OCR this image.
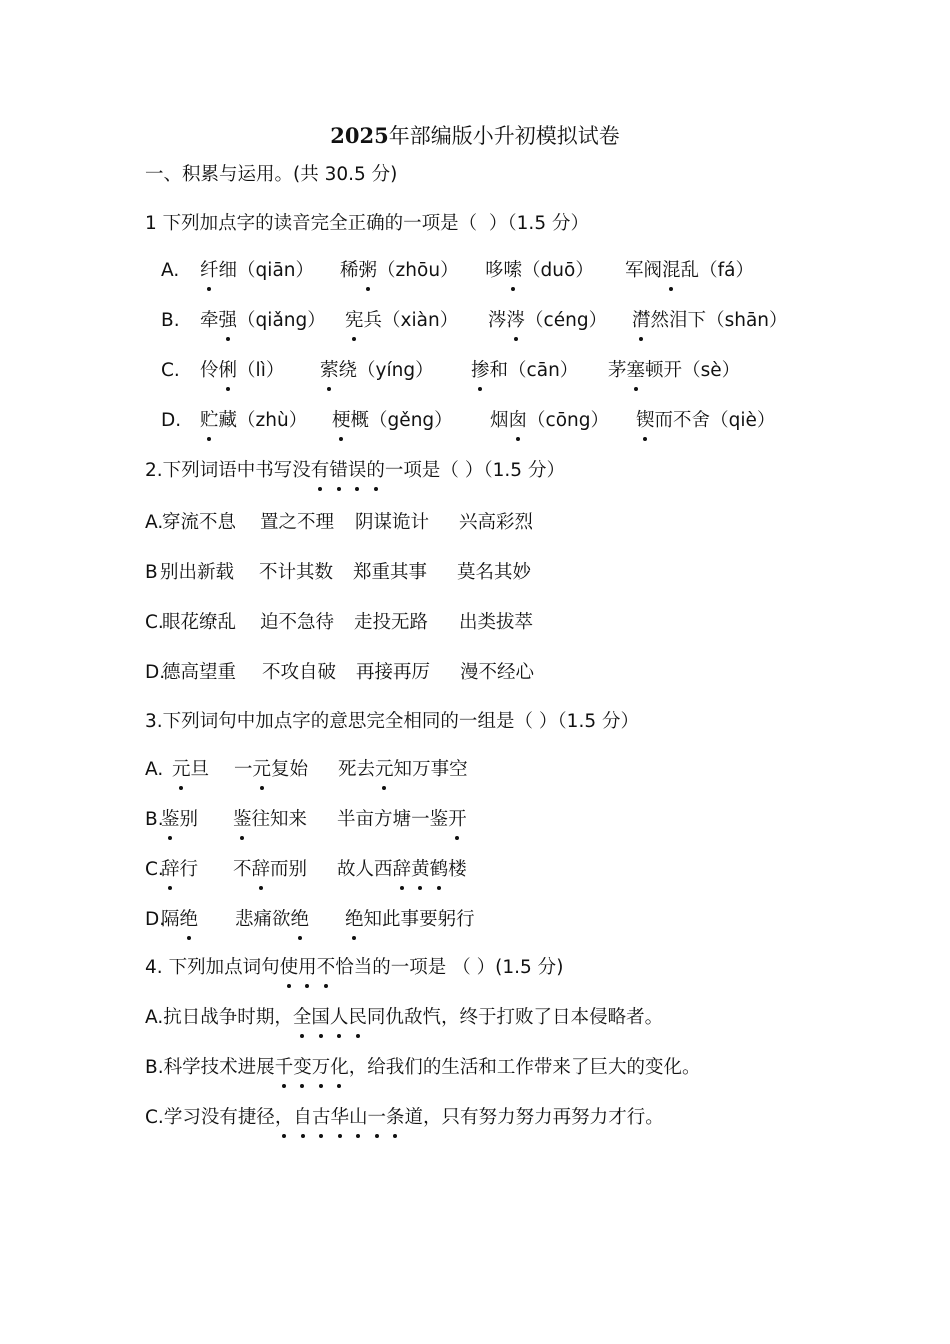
2025年部编版小升初模拟试卷
一、积累与运用。(共 30.5 分)
1 下列加点字的读音完全正确的一项是（  ）（1.5 分）
A. 纤细（qiān） 稀粥（zhōu） 哆嗦（duō） 军阀混乱（fá）
B. 牵强（qiǎng） 宪兵（xiàn） 涔涔（céng） 潸然泪下（shān）
C. 伶俐（lì） 萦绕（yíng） 掺和（cān） 茅塞顿开（sè）
D. 贮藏（zhù） 梗概（gěng） 烟囱（cōng） 锲而不舍（qiè）
2.下列词语中书写没有错误的一项是（ ）（1.5 分）
A.
穿流不息 置之不理 阴谋诡计 兴高彩烈
B
别出新载 不计其数 郑重其事 莫名其妙
C.
眼花缭乱 迫不急待 走投无路 出类拔萃
D.
德高望重 不攻自破 再接再厉 漫不经心
3.下列词句中加点字的意思完全相同的一组是（ ）（1.5 分）
A. 元旦 一元复始 死去元知万事空
B.
鉴别 鉴往知来 半亩方塘一鉴开
C.
辞行 不辞而别 故人西辞黄鹤楼
D.
隔绝 悲痛欲绝 绝知此事要躬行
4. 下列加点词句使用不恰当的一项是 （ ）(1.5 分)
A.抗日战争时期，全国人民同仇敌忾，终于打败了日本侵略者。
B.科学技术进展千变万化，给我们的生活和工作带来了巨大的变化。
C.学习没有捷径，自古华山一条道，只有努力努力再努力才行。
